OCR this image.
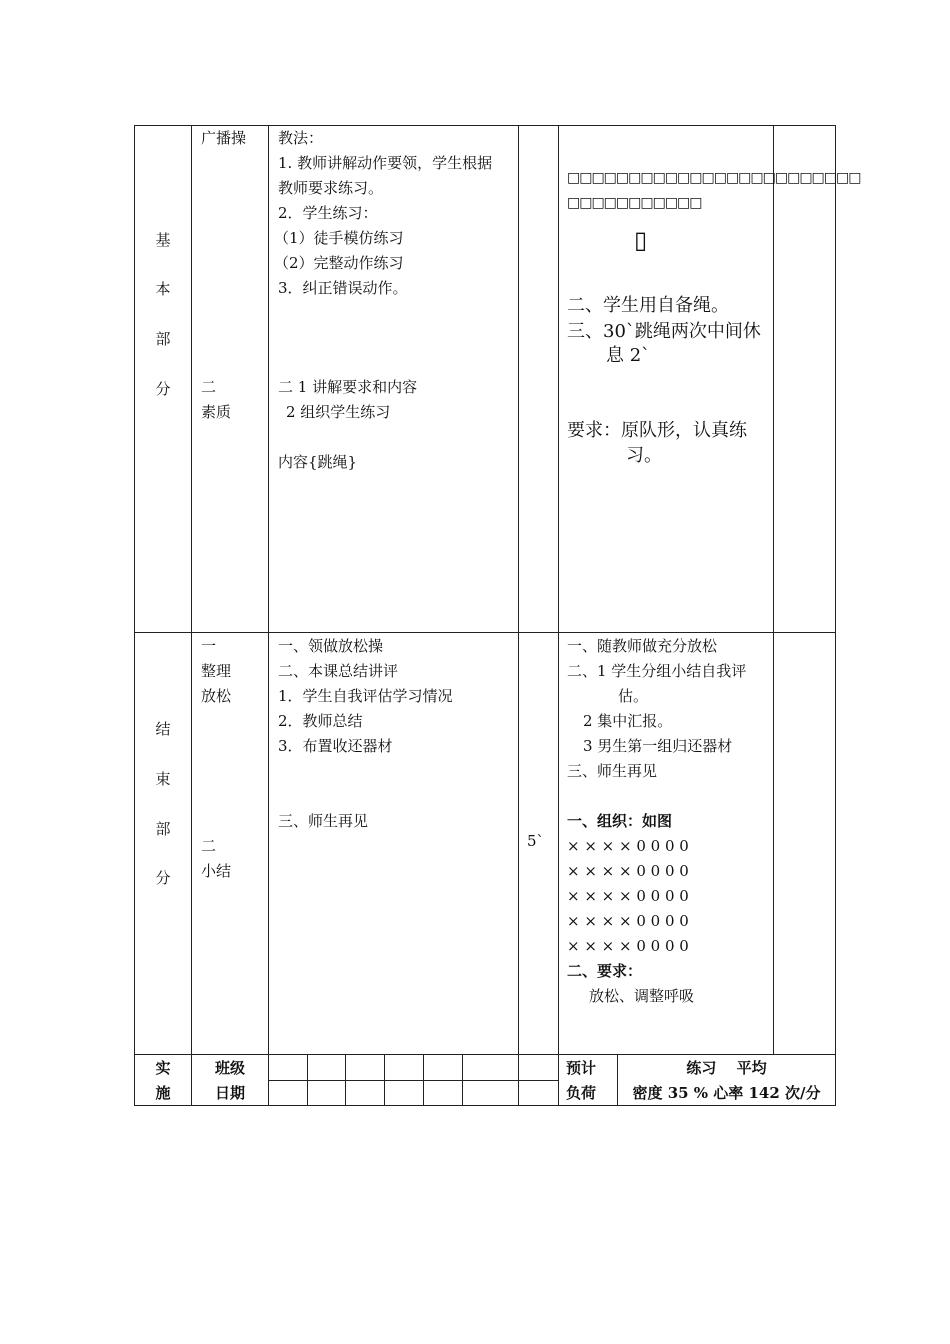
基
本
部
分
广播操
二
素质
教法：
1. 教师讲解动作要领，学生根据
教师要求练习。
2．学生练习：
（1）徒手模仿练习
（2）完整动作练习
3．纠正错误动作。
二 1 讲解要求和内容
2 组织学生练习
内容{跳绳}
□□□□□□□□□□□□□□□□□□□□□□□□
□□□□□□□□□□□
▯
二、学生用自备绳。
三、30`跳绳两次中间休
息 2`
要求：原队形，认真练
习。
结
束
部
分
一
整理
放松
二
小结
一、领做放松操
二、本课总结讲评
1．学生自我评估学习情况
2．教师总结
3．布置收还器材
三、师生再见
5`
一、随教师做充分放松
二、1 学生分组小结自我评
估。
2 集中汇报。
3 男生第一组归还器材
三、师生再见
一、组织：如图
× × × × 0 0 0 0
× × × × 0 0 0 0
× × × × 0 0 0 0
× × × × 0 0 0 0
× × × × 0 0 0 0
二、要求：
放松、调整呼吸
实
施
班级
日期
预计
负荷
练习　 平均
密度 35 % 心率 142 次/分
